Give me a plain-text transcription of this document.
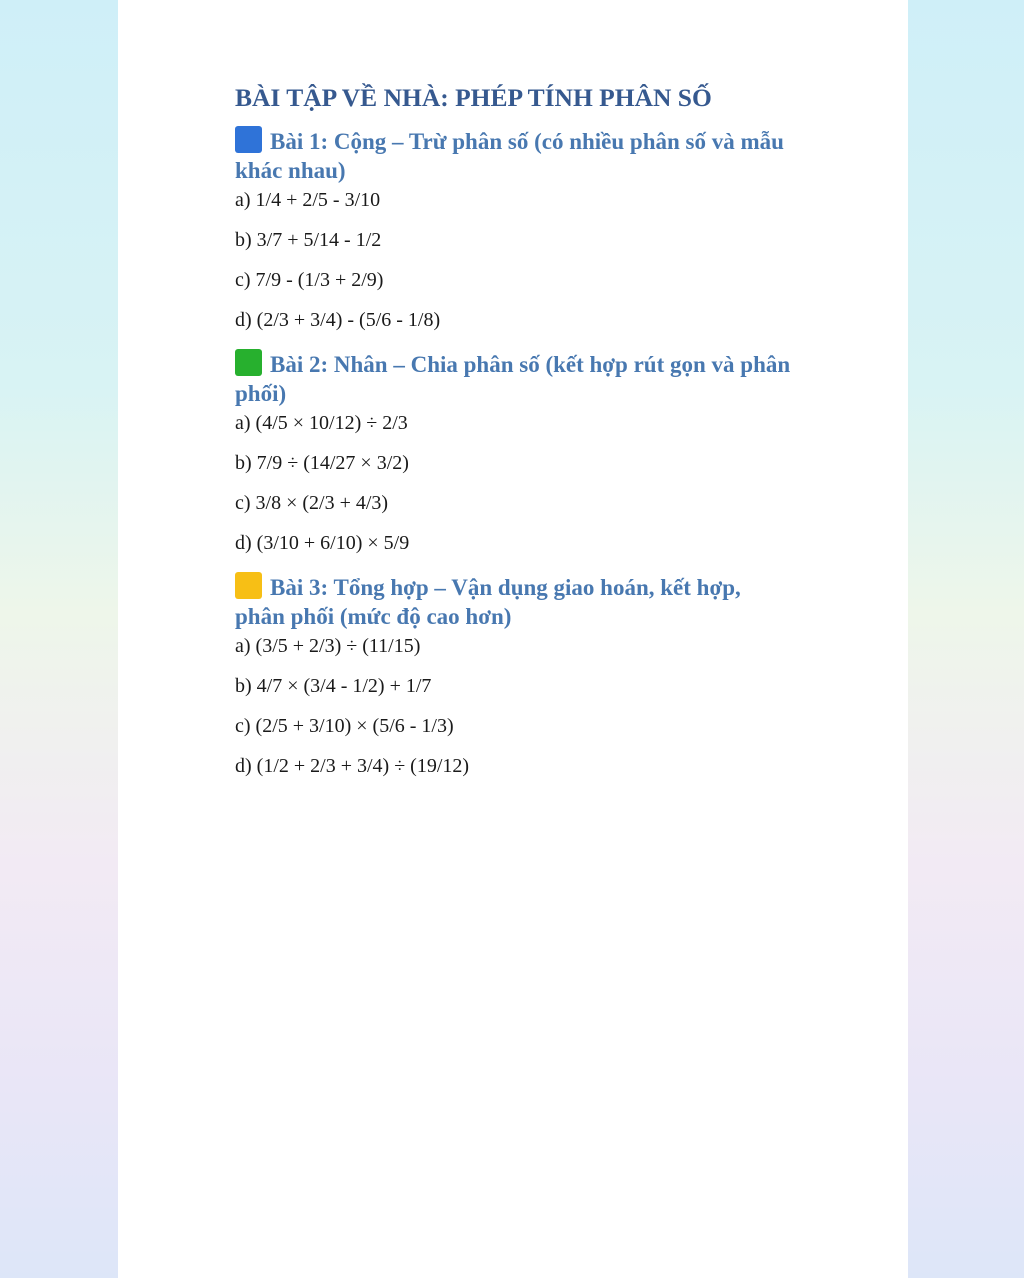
BÀI TẬP VỀ NHÀ: PHÉP TÍNH PHÂN SỐ
Bài 1: Cộng – Trừ phân số (có nhiều phân số và mẫu khác nhau)
a) 1/4 + 2/5 - 3/10
b) 3/7 + 5/14 - 1/2
c) 7/9 - (1/3 + 2/9)
d) (2/3 + 3/4) - (5/6 - 1/8)
Bài 2: Nhân – Chia phân số (kết hợp rút gọn và phân phối)
a) (4/5 × 10/12) ÷ 2/3
b) 7/9 ÷ (14/27 × 3/2)
c) 3/8 × (2/3 + 4/3)
d) (3/10 + 6/10) × 5/9
Bài 3: Tổng hợp – Vận dụng giao hoán, kết hợp, phân phối (mức độ cao hơn)
a) (3/5 + 2/3) ÷ (11/15)
b) 4/7 × (3/4 - 1/2) + 1/7
c) (2/5 + 3/10) × (5/6 - 1/3)
d) (1/2 + 2/3 + 3/4) ÷ (19/12)
